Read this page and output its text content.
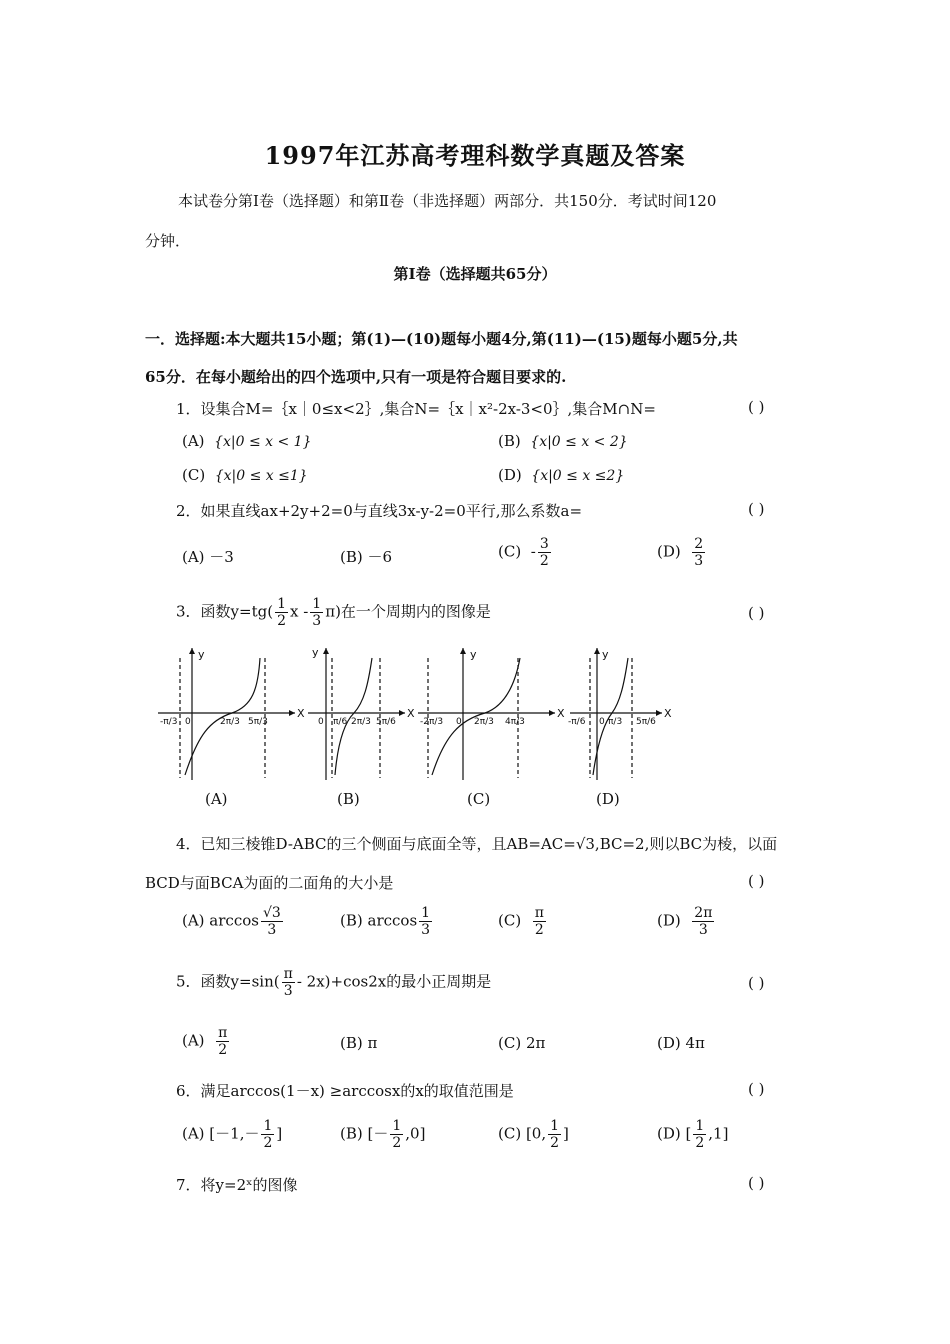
1997年江苏高考理科数学真题及答案
本试卷分第Ⅰ卷（选择题）和第Ⅱ卷（非选择题）两部分．共150分．考试时间120
分钟．
第Ⅰ卷（选择题共65分）
一．选择题:本大题共15小题；第(1)—(10)题每小题4分,第(11)—(15)题每小题5分,共
65分．在每小题给出的四个选项中,只有一项是符合题目要求的.
1．设集合M=｛x｜0≤x<2｝,集合N=｛x｜x²-2x-3<0｝,集合M∩N=	( )
(A) {x|0 ≤ x < 1}	(B) {x|0 ≤ x < 2}
(C) {x|0 ≤ x ≤1}	(D) {x|0 ≤ x ≤2}
2．如果直线ax+2y+2=0与直线3x-y-2=0平行,那么系数a=	( )
(A) －3	(B) －6	$(C) - \frac{3}{2}$	$(D) \frac{2}{3}$
3．函数$y=tg( \frac{1}{2}$ x - $\frac{1}{3} \pi$)在一个周期内的图像是	( )
X
y
0
-π/3	2π/3 5π/3
X
y
0 π/6 2π/3 5π/6
X
y
0
-2π/3	2π/3 4π/3
X
y
0
-π/6	π/3 5π/6
(A)	(B)	(C)	(D)
4．已知三棱锥D-ABC的三个侧面与底面全等，且AB=AC=√3,BC=2,则以BC为棱，以面
BCD与面BCA为面的二面角的大小是	( )
(A) $\arccos \frac{√3}{3}$	(B) $\arccos \frac{1}{3}$	$(C) \frac{\pi}{2}$	$(D) \frac{2\pi}{3}$
5．函数$y=\sin( \frac{\pi}{3} - 2x)+\cos 2x$的最小正周期是	( )
$(A) \frac{\pi}{2}$	(B) π	(C) 2π	(D) 4π
6．满足arccos(1－x) ≥arccosx的x的取值范围是	( )
(A) [$-1,- \frac{1}{2}$ ]	(B) [－ $\frac{1}{2} ,0$]	(C) [0, $\frac{1}{2}$ ]	(D) [ $\frac{1}{2} ,1$]
7．将y=2ˣ的图像	( )
